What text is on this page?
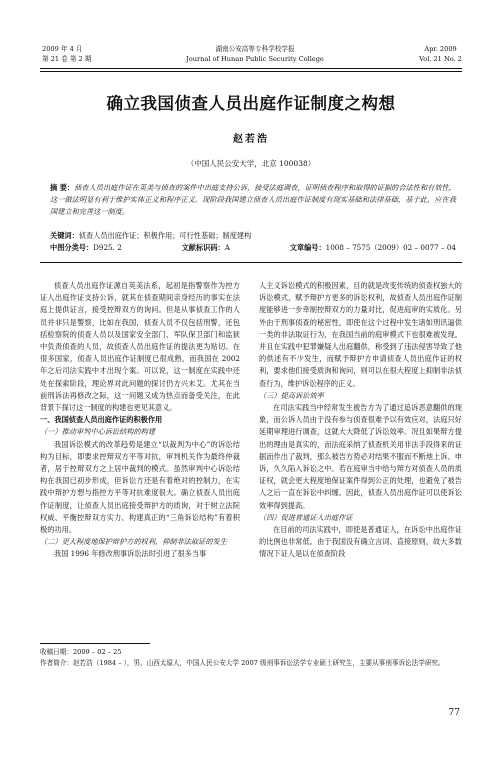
2009 年 4 月
第 21 卷 第 2 期
湖南公安高等专科学校学报
Journal of Hunan Public Security College
Apr. 2009
Vol. 21 No. 2
确立我国侦查人员出庭作证制度之构想
赵若浩
（中国人民公安大学，北京 100038）
摘 要：侦查人员出庭作证在英美与侦查的案件中出庭支持公诉，接受法庭调查，证明侦查程序和取得的证据的合法性和有效性，这一做法明显有利于维护实体正义和程序正义。现阶段我国建立侦查人员出庭作证制度有现实基础和法律基础，基于此，应在我国建立和完善这一制度。
关键词：侦查人员出庭作证；积极作用；可行性基础；制度建构
中图分类号：D925. 2	文献标识码：A	文章编号：1008 – 7575（2009）02 – 0077 – 04

侦查人员出庭作证源自英美法系，起初是指警察作为控方证人出庭作证支持公诉，就其在侦查期间亲身经历的事实在法庭上提供证言，接受控辩双方的询问。但是从事侦查工作的人员并非只是警察，比如在我国，侦查人员不仅包括刑警，还包括检察院的侦查人员以及国家安全部门、军队保卫部门和监狱中负责侦查的人员，故侦查人员出庭作证的提法更为贴切。在很多国家，侦查人员出庭作证制度已很成熟，而我国在 2002 年之后司法实践中才出现个案。可以说，这一制度在实践中还处在探索阶段，理论界对此问题的探讨仍方兴未艾。尤其在当前刑诉法再修改之际，这一问题又成为热点而备受关注，在此背景下探讨这一制度的构建也更见其意义。

一、我国侦查人员出庭作证的积极作用

（一）推动审判中心诉讼结构的构建

我国诉讼模式的改革趋势是建立“以裁判为中心”的诉讼结构为目标，即要求控辩双方平等对抗，审判机关作为最终仲裁者，居于控辩双方之上居中裁判的模式。虽然审判中心诉讼结构在我国已初步形成，但诉讼方还是有着绝对的控制力，在实践中辩护方想与指控方平等对抗难度很大。确立侦查人员出庭作证制度，让侦查人员出庭接受辩护方的质询，对于树立法院权威、平衡控辩双方实力、构建真正的“三角诉讼结构”有着积极的功用。

（二）更大程度地保护辩护方的权利，抑制非法取证的发生

我国 1996 年修改刑事诉讼法时引进了很多当事

人主义诉讼模式的积极因素，目的就是改变传统的侦查权独大的诉讼模式，赋予辩护方更多的诉讼权利，故侦查人员出庭作证制度能够进一步牵制控辩双方的力量对比，促进庭审的实质化。另外由于刑事侦查的秘密性，即使在这个过程中发生诸如刑讯逼供一类的非法取证行为，在我国当前的庭审模式下也很难被发现。并且在实践中犯罪嫌疑人出庭翻供，称受到了违法侵害导致了他的供述有不少发生，而赋予辩护方申请侦查人员出庭作证的权利，要求他们接受质询和询问，则可以在很大程度上抑制非法侦查行为，维护诉讼程序的正义。

（三）提高诉讼效率

在司法实践当中经常发生被告方为了通过追诉恶意翻供的现象，而公诉人员由于没有参与侦查很难予以有效应对，法庭只好延期审理进行调查，这就大大降低了诉讼效率。况且如果辩方提出的理由是真实的，而法庭采纳了侦查机关用非法手段得来的证据而作出了裁判，那么被告方势必对结果不服而不断地上诉、申诉，久久陷入诉讼之中。若在庭审当中给与辩方对侦查人员的质证权，就会更大程度地保证案件得到公正的处理，也避免了被告人之后一直在诉讼中纠缠。因此，侦查人员出庭作证可以使诉讼效率得到提高。

（四）促进普通证人出庭作证

在目前的司法实践中，即使是普通证人，在诉讼中出庭作证的比例也非常低。由于我国没有确立言词、直接原则，故大多数情况下证人是以在侦查阶段

收稿日期：2009 – 02 – 25
作者简介：赵若浩（1984 – ），男，山西太原人，中国人民公安大学 2007 级刑事诉讼法学专业硕士研究生，主要从事刑事诉讼法学研究。
77
